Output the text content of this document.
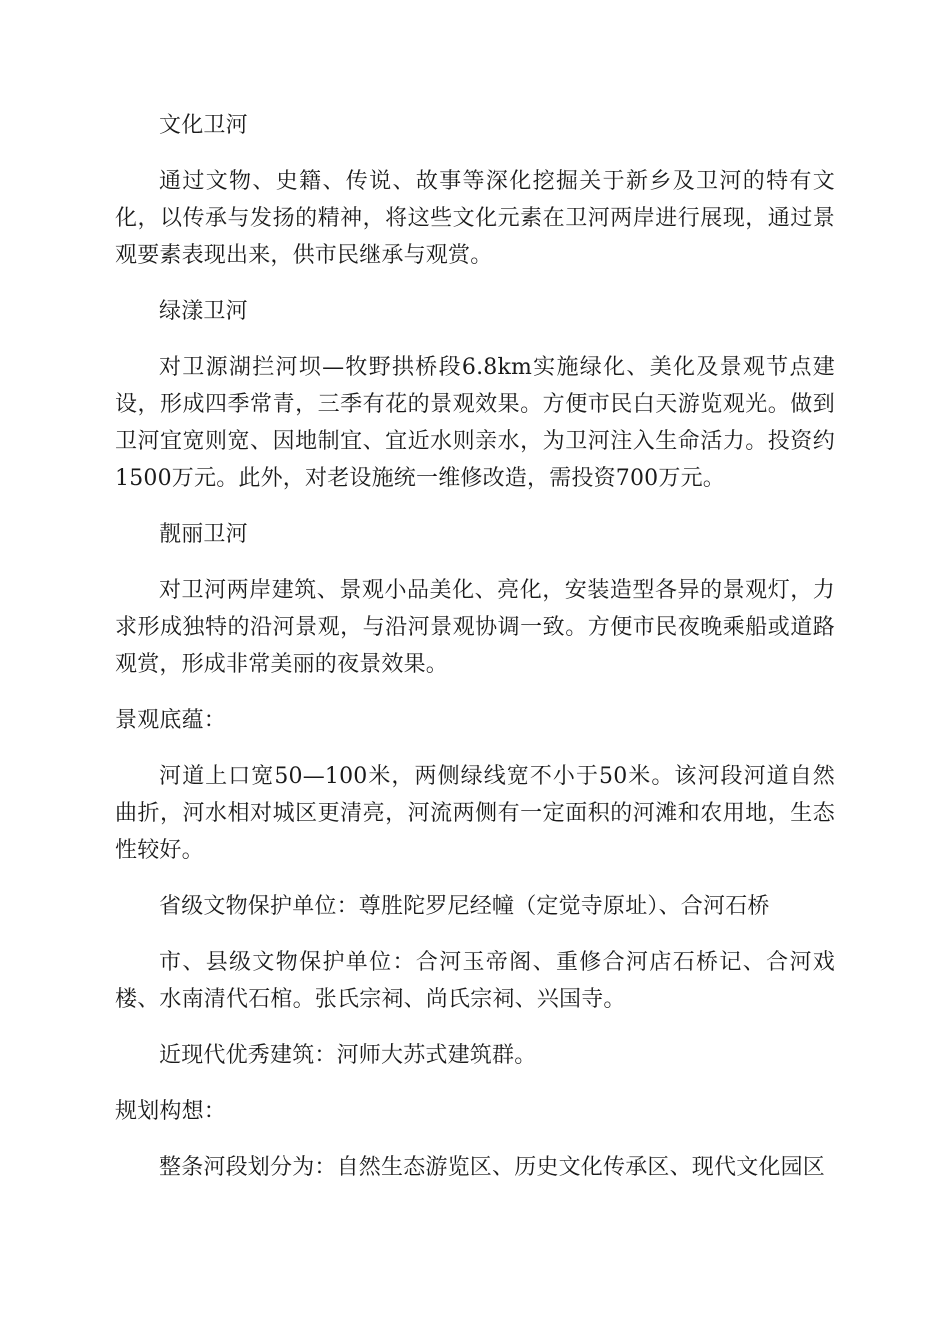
文化卫河

通过文物、史籍、传说、故事等深化挖掘关于新乡及卫河的特有文化，以传承与发扬的精神，将这些文化元素在卫河两岸进行展现，通过景观要素表现出来，供市民继承与观赏。

绿漾卫河

对卫源湖拦河坝—牧野拱桥段6.8km实施绿化、美化及景观节点建设，形成四季常青，三季有花的景观效果。方便市民白天游览观光。做到卫河宜宽则宽、因地制宜、宜近水则亲水，为卫河注入生命活力。投资约1500万元。此外，对老设施统一维修改造，需投资700万元。

靓丽卫河

对卫河两岸建筑、景观小品美化、亮化，安装造型各异的景观灯，力求形成独特的沿河景观，与沿河景观协调一致。方便市民夜晚乘船或道路观赏，形成非常美丽的夜景效果。

景观底蕴：

河道上口宽50—100米，两侧绿线宽不小于50米。该河段河道自然曲折，河水相对城区更清亮，河流两侧有一定面积的河滩和农用地，生态性较好。

省级文物保护单位：尊胜陀罗尼经幢（定觉寺原址）、合河石桥

市、县级文物保护单位：合河玉帝阁、重修合河店石桥记、合河戏楼、水南清代石棺。张氏宗祠、尚氏宗祠、兴国寺。

近现代优秀建筑：河师大苏式建筑群。

规划构想：

整条河段划分为：自然生态游览区、历史文化传承区、现代文化园区
